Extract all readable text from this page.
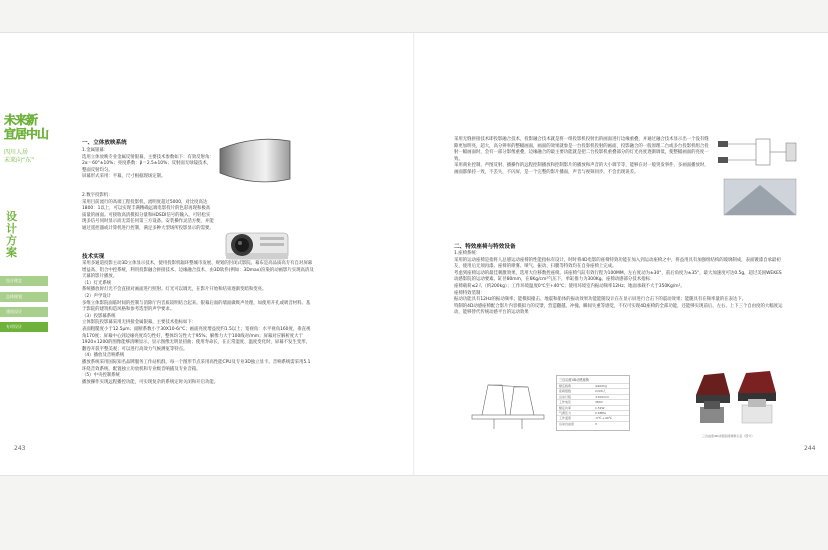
未来新
宜居中山
四川人居
未来向“东”
设计方案
设计理念
总体规划
建筑设计
专项设计
一、立体放映系统

1.金属银幕：

选用立体放映专业金属反射银幕，主要技术参数如下：有效反射角：2α＝60°±10%；亮度系数：β＝2.5±10%；反射面无绿镜技术，整面反射均匀。

屏幕形式采用：平幕，尺寸根据现场定制。

2.数字投影机：

采用目前流行的高端工程投影机，流明度超过5000，对比度高达1800：1以上，可以实现丰满精确远端电影投片的色彩再现和极高质量的画面。可接收高清模拟分量和HDSDI信号的输入，可轻松实现多信号同时显示而无需任何第三方设备。安装操作灵活方便，并能通过遥控器或计算机进行控制，满足多种大型场所投影显示的需要。

技术实现

采用多通道投影主动3D立体显示技术，使用投影机辐环整城市发展、规划的封闭式影院。幕布是高品质高专有自对屏幕增益高、铝合中控系统，利用投影融合拼接技术、边缘融合技术、由3D软件(例如：3Dmax)渲染的动画影片实现高清及天幕的影片播放。

（1）灯光系统

系统播放时灯光不会直接对画面进行照射。灯光可以调光，在影片开始和结束逐渐变暗和变亮。

（2）声学设计

多维立体影院面临时间的控制与消除厅内音质较明结合起来。银幕后面的墙面做吸声处理，如使用开孔或吸音材料。基于影院的建筑构造风格和参考选型的声学要求。

（3）投影幕系统

立体影院投影幕采用无拼接金属银幕，主要技术指标如下：

表面粗糙度小于12.5μm；面断系数小于30X10-6/℃；画面亮度增益度约1.5以上；宽视角：水平视角160度，垂直视角170度；屏幕中心到边缘亮度均匀性好，整体均匀性大于95%；解像力大于100线对/mm；屏幕对应解析度大于1920×1200的图像能够清晰显示，显示图像无明显扭曲；使用寿命长，在正常湿度、温度变化时，屏幕不发生变形，翻卷开裂平整美观；可以进行高效力气候测冤等特点。

（4）播放及音响系统

播放系统采用国际知名品牌服务工作站机群，每一个图形节点采用高性能CPU及专业3D独立显卡。音响系统需采用5.1环绕音效系统，配置独立功放机和专业级音响插及专业音箱。

（5）中央控制系统

播放操作实现远程播控功能，可实现复杂的系统定时关闭和开启功能。

采用无缝拼接技术即投影融合技术，投影融合技术就是将一组投影机投射出的画面进行边缘重叠，并通过融合技术显示出一个没有缝隙更加明亮，超大，高分辨率的整幅画面，画面的效果就象是一台投影机投射的画面，投影融合的一般原理二台或多台投影机组合投射一幅画面时，会有一部分影像重叠，边缘融合的最主要功能就是把二台投影机重叠部分的灯光亮度逐渐调低，使整幅画面的亮度一致。

采用商业控制，声图反射、播操作的远程控制播放和控制影片的播放和声音的大小调节等，能够在对一般突发事件，多画面播放时，画面都保持一致，不丢失，不闪屏，是一个完整的影片播面，声音与视频同步，不会出现误差。

二、特效座椅与特效设备

1.座椅系统：

采用的运动座椅是指将人总感运动座椅的性能指标有设计、时时将4D电影的座椅特效功能在加入到运动座椅之中，将益用具有加强组结构的玻璃制成，表面镀漆自承最初友，使用后无须再漆。座椅的喷雾、喷气、振动、扫腿等特效均在自身座椅上完成。

考虑到座椅运动的最佳刺激效果，选用大位移数控座椅。该座椅气缸有效行程为100MM，左右度动为±30°，前后角度为±35°，最大加速度可达0.5g，超过美国WEKES动感影院的运动要素。缸径80mm，在6Kg/cm²气压下，单缸推力为300Kg。座椅动感部分技术指标：

座椅载荷≤2人（约200kg）；工作环境温度0℃至+40℃；使用环境室内振动频率12Hz；地面承载不大于350Kg/m²。

座椅特效装制：

振动功能具有12Hz的振动频率；能模拟撞击、地震和船体的振动效果功能能随设计在在显示屏进行合击下的震动效果；能随具有在频率量的在表达下。

特制的4D动感座椅配合影片内容模拟力的反馈，营造翻越、冲撞、瞬间失重等感觉，不仅可实现4D座椅的全部功能，还能够实现前后、左右、上下三个自由度的大幅度运动，能够替代传统动感平台的运动效果

三自由度4D动感座椅
额定载荷	≤200kg
座椅组数	2/4/6人
运动行程	±100mm
工作电压	380V
额定功率	1.5kW
气源压力	0.6MPa
工作温度	-0℃-+40℃
运动自由度	3
三自由度4D动感座椅效果示意（部分）
243	244
